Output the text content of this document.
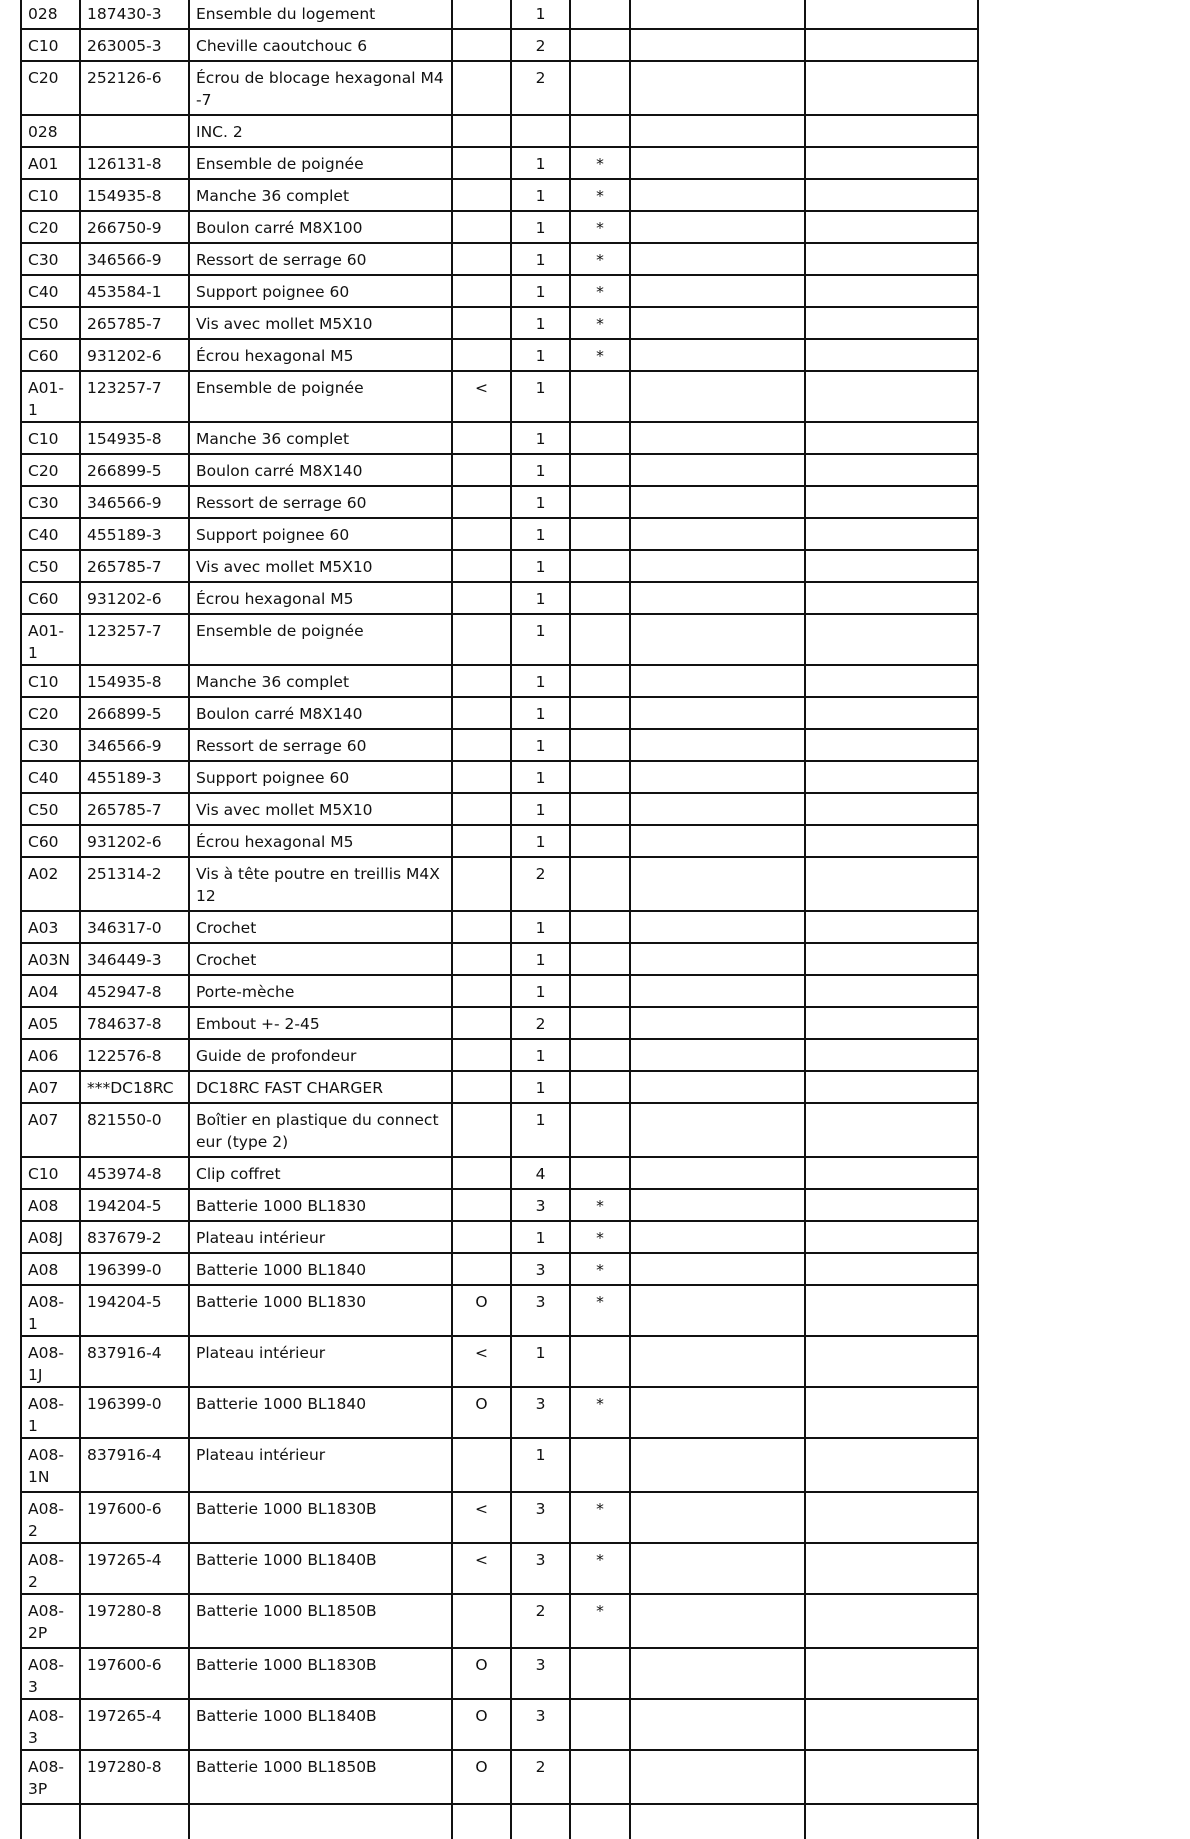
028	187430-3	Ensemble du logement		1			
C10	263005-3	Cheville caoutchouc 6		2			
C20	252126-6	Écrou de blocage hexagonal M4-7		2			
028		INC. 2					
A01	126131-8	Ensemble de poignée		1	*		
C10	154935-8	Manche 36 complet		1	*		
C20	266750-9	Boulon carré M8X100		1	*		
C30	346566-9	Ressort de serrage 60		1	*		
C40	453584-1	Support poignee 60		1	*		
C50	265785-7	Vis avec mollet M5X10		1	*		
C60	931202-6	Écrou hexagonal M5		1	*		
A01-1	123257-7	Ensemble de poignée	<	1			
C10	154935-8	Manche 36 complet		1			
C20	266899-5	Boulon carré M8X140		1			
C30	346566-9	Ressort de serrage 60		1			
C40	455189-3	Support poignee 60		1			
C50	265785-7	Vis avec mollet M5X10		1			
C60	931202-6	Écrou hexagonal M5		1			
A01-1	123257-7	Ensemble de poignée		1			
C10	154935-8	Manche 36 complet		1			
C20	266899-5	Boulon carré M8X140		1			
C30	346566-9	Ressort de serrage 60		1			
C40	455189-3	Support poignee 60		1			
C50	265785-7	Vis avec mollet M5X10		1			
C60	931202-6	Écrou hexagonal M5		1			
A02	251314-2	Vis à tête poutre en treillis M4X12		2			
A03	346317-0	Crochet		1			
A03N	346449-3	Crochet		1			
A04	452947-8	Porte-mèche		1			
A05	784637-8	Embout +- 2-45		2			
A06	122576-8	Guide de profondeur		1			
A07	***DC18RC	DC18RC FAST CHARGER		1			
A07	821550-0	Boîtier en plastique du connecteur (type 2)		1			
C10	453974-8	Clip coffret		4			
A08	194204-5	Batterie 1000 BL1830		3	*		
A08J	837679-2	Plateau intérieur		1	*		
A08	196399-0	Batterie 1000 BL1840		3	*		
A08-1	194204-5	Batterie 1000 BL1830	O	3	*		
A08-1J	837916-4	Plateau intérieur	<	1			
A08-1	196399-0	Batterie 1000 BL1840	O	3	*		
A08-1N	837916-4	Plateau intérieur		1			
A08-2	197600-6	Batterie 1000 BL1830B	<	3	*		
A08-2	197265-4	Batterie 1000 BL1840B	<	3	*		
A08-2P	197280-8	Batterie 1000 BL1850B		2	*		
A08-3	197600-6	Batterie 1000 BL1830B	O	3			
A08-3	197265-4	Batterie 1000 BL1840B	O	3			
A08-3P	197280-8	Batterie 1000 BL1850B	O	2			
